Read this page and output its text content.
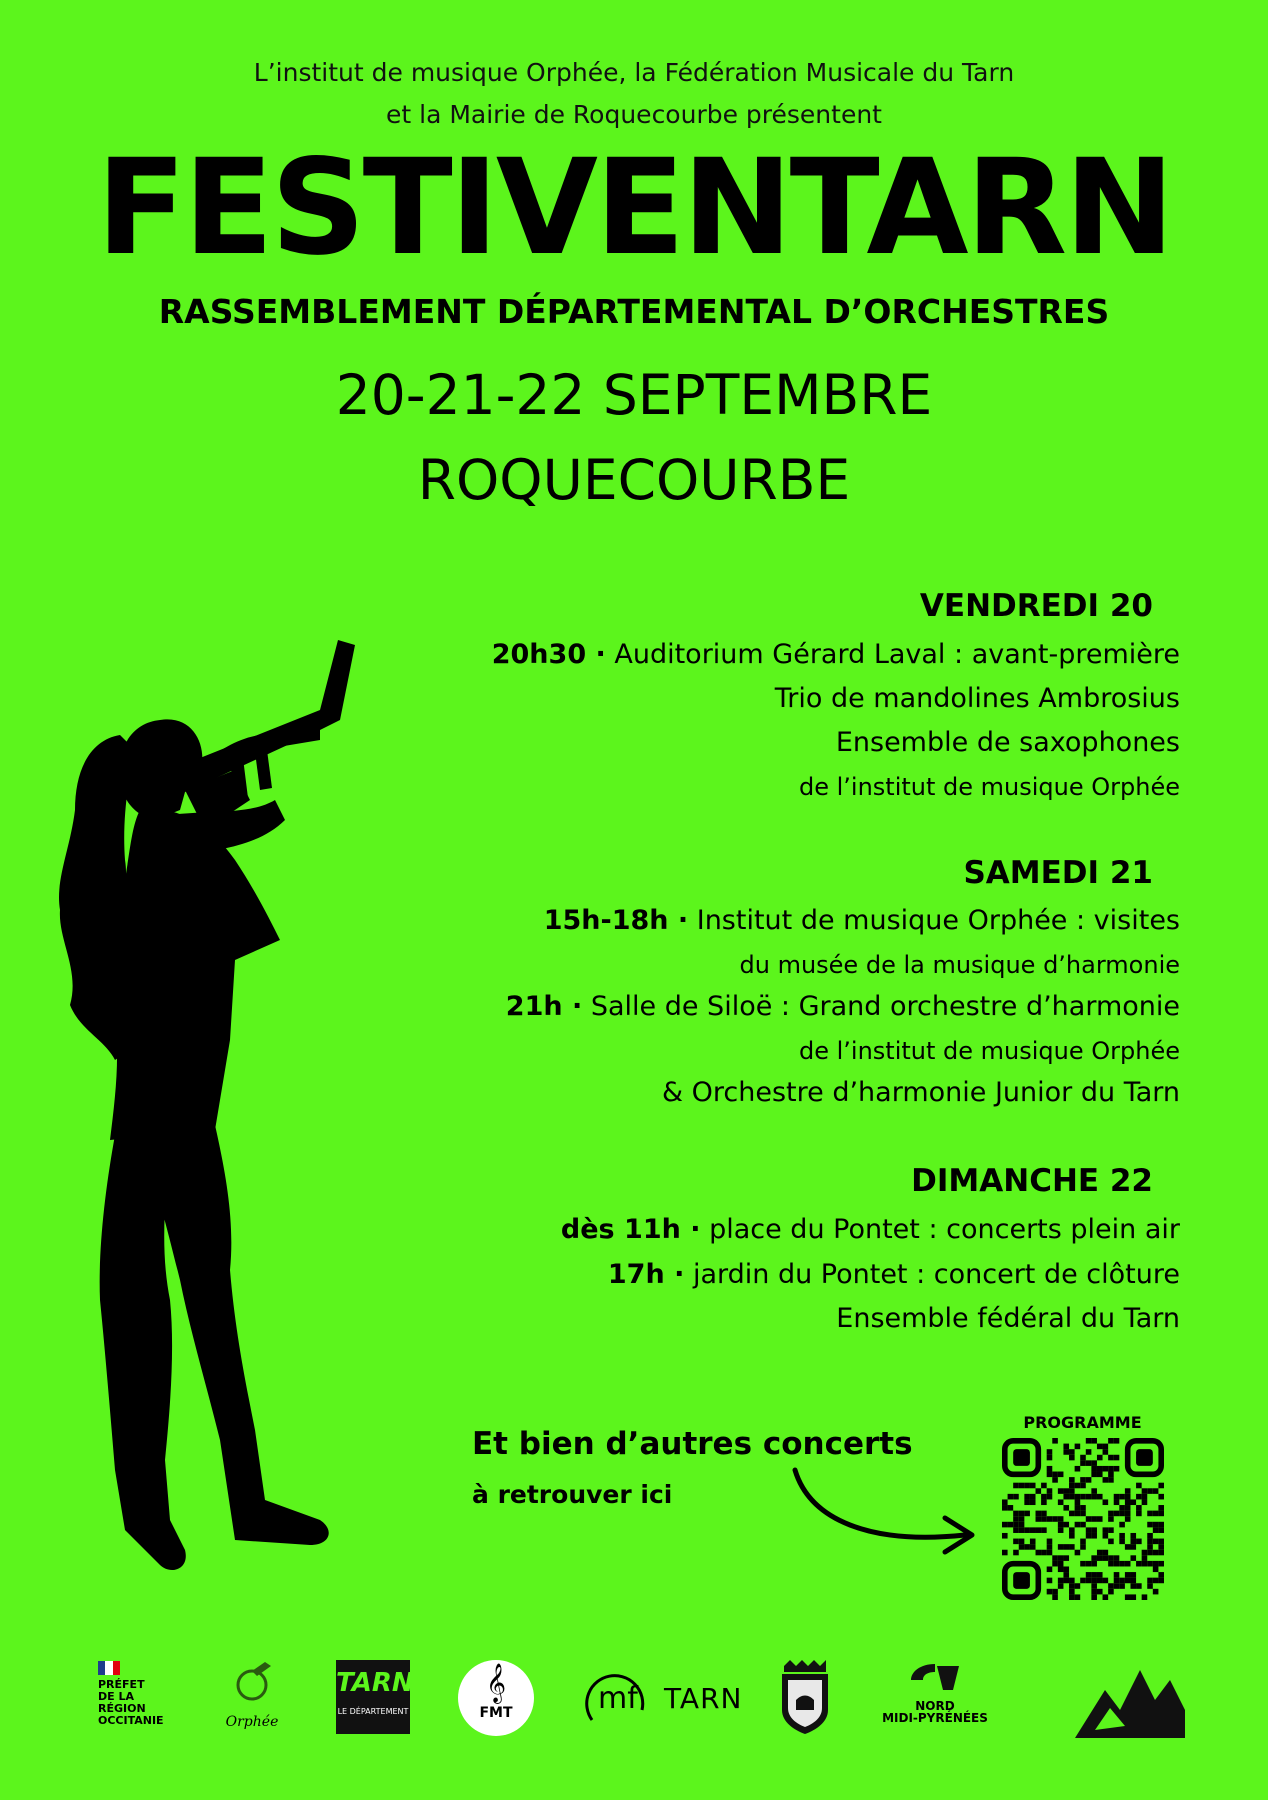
L’institut de musique Orphée, la Fédération Musicale du Tarn
et la Mairie de Roquecourbe présentent
FESTIVENTARN
RASSEMBLEMENT DÉPARTEMENTAL D’ORCHESTRES
20-21-22 SEPTEMBRE
ROQUECOURBE
VENDREDI 20
20h30 · Auditorium Gérard Laval : avant-première
Trio de mandolines Ambrosius
Ensemble de saxophones
de l’institut de musique Orphée
SAMEDI 21
15h-18h · Institut de musique Orphée : visites
du musée de la musique d’harmonie
21h · Salle de Siloë : Grand orchestre d’harmonie
de l’institut de musique Orphée
& Orchestre d’harmonie Junior du Tarn
DIMANCHE 22
dès 11h · place du Pontet : concerts plein air
17h · jardin du Pontet : concert de clôture
Ensemble fédéral du Tarn
Et bien d’autres concerts
à retrouver ici
PROGRAMME
PRÉFET
DE LA RÉGION
OCCITANIE	Orphée
TARN
LE DÉPARTEMENT
𝄞
FMT	mf TARN	NORD
MIDI-PYRÉNÉES
